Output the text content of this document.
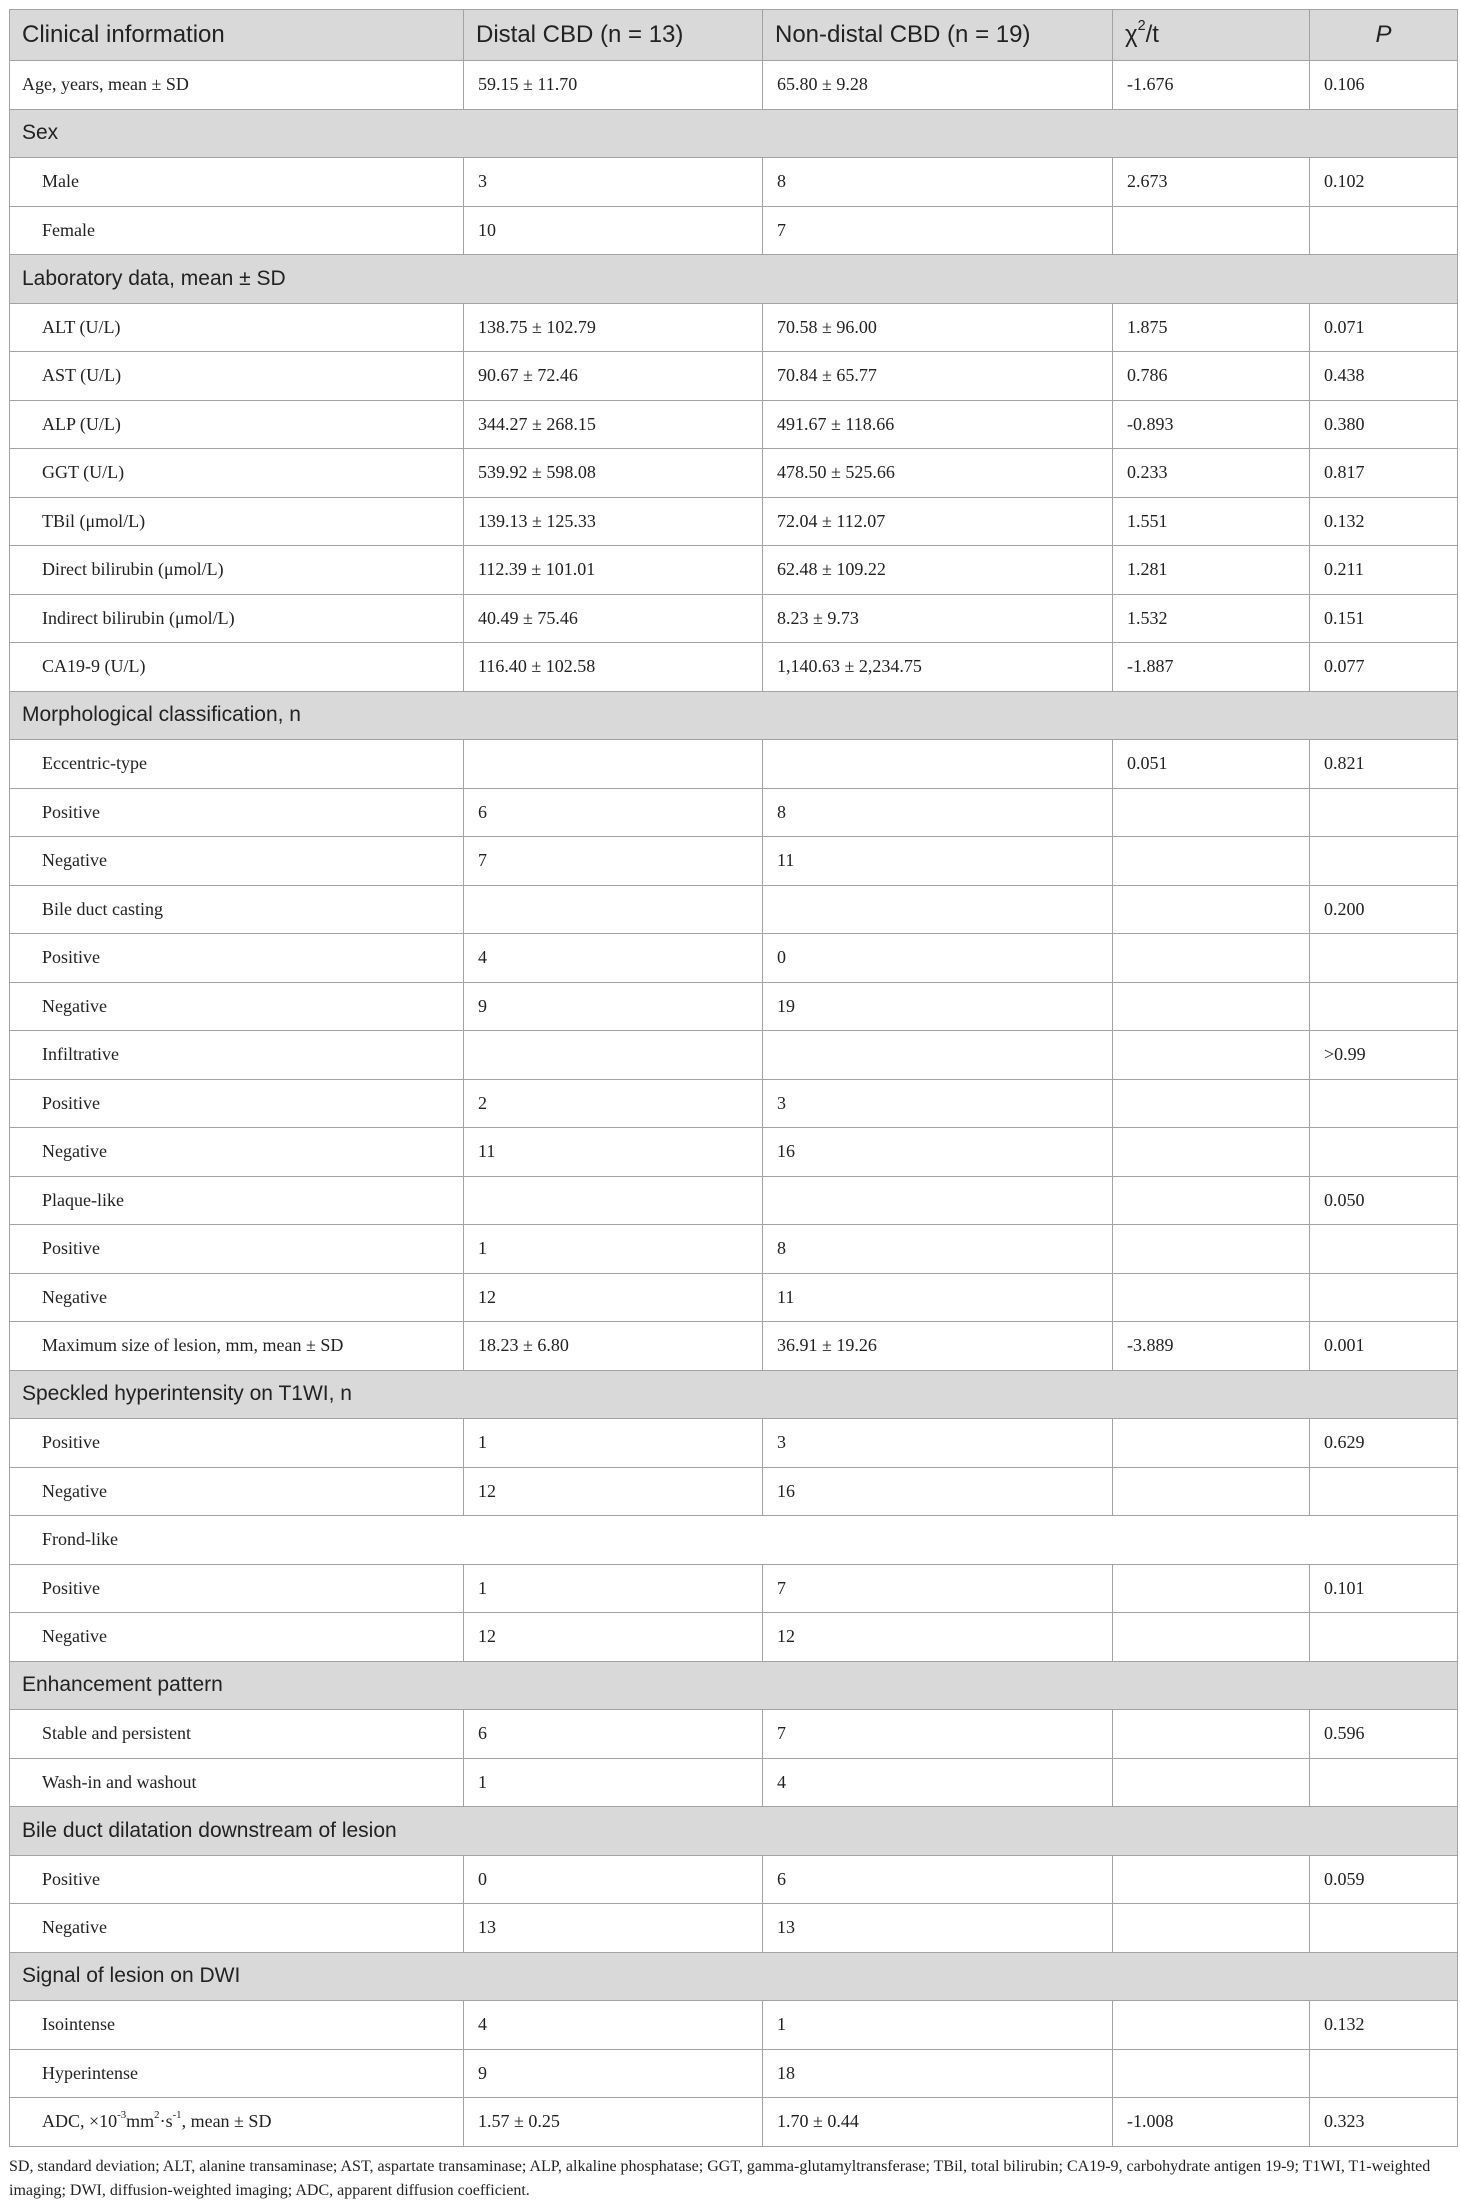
Clinical information	Distal CBD (n = 13)	Non-distal CBD (n = 19)	$\chi^2/t$	P
Age, years, mean ± SD	59.15 ± 11.70	65.80 ± 9.28	-1.676	0.106
Sex				
Male	3	8	2.673	0.102
Female	10	7		
Laboratory data, mean ± SD				
ALT (U/L)	138.75 ± 102.79	70.58 ± 96.00	1.875	0.071
AST (U/L)	90.67 ± 72.46	70.84 ± 65.77	0.786	0.438
ALP (U/L)	344.27 ± 268.15	491.67 ± 118.66	-0.893	0.380
GGT (U/L)	539.92 ± 598.08	478.50 ± 525.66	0.233	0.817
TBil (μmol/L)	139.13 ± 125.33	72.04 ± 112.07	1.551	0.132
Direct bilirubin (μmol/L)	112.39 ± 101.01	62.48 ± 109.22	1.281	0.211
Indirect bilirubin (μmol/L)	40.49 ± 75.46	8.23 ± 9.73	1.532	0.151
CA19-9 (U/L)	116.40 ± 102.58	1,140.63 ± 2,234.75	-1.887	0.077
Morphological classification, n				
Eccentric-type			0.051	0.821
Positive	6	8		
Negative	7	11		
Bile duct casting				0.200
Positive	4	0		
Negative	9	19		
Infiltrative				>0.99
Positive	2	3		
Negative	11	16		
Plaque-like				0.050
Positive	1	8		
Negative	12	11		
Maximum size of lesion, mm, mean ± SD	18.23 ± 6.80	36.91 ± 19.26	-3.889	0.001
Speckled hyperintensity on T1WI, n				
Positive	1	3		0.629
Negative	12	16		
Frond-like				
Positive	1	7		0.101
Negative	12	12		
Enhancement pattern				
Stable and persistent	6	7		0.596
Wash-in and washout	1	4		
Bile duct dilatation downstream of lesion				
Positive	0	6		0.059
Negative	13	13		
Signal of lesion on DWI				
Isointense	4	1		0.132
Hyperintense	9	18		
ADC, $\times 10^{-3}mm^2\cdot s^{-1}$, mean ± SD	1.57 ± 0.25	1.70 ± 0.44	-1.008	0.323
SD, standard deviation; ALT, alanine transaminase; AST, aspartate transaminase; ALP, alkaline phosphatase; GGT, gamma-glutamyltransferase; TBil, total bilirubin; CA19-9, carbohydrate antigen 19-9; T1WI, T1-weighted imaging; DWI, diffusion-weighted imaging; ADC, apparent diffusion coefficient.
